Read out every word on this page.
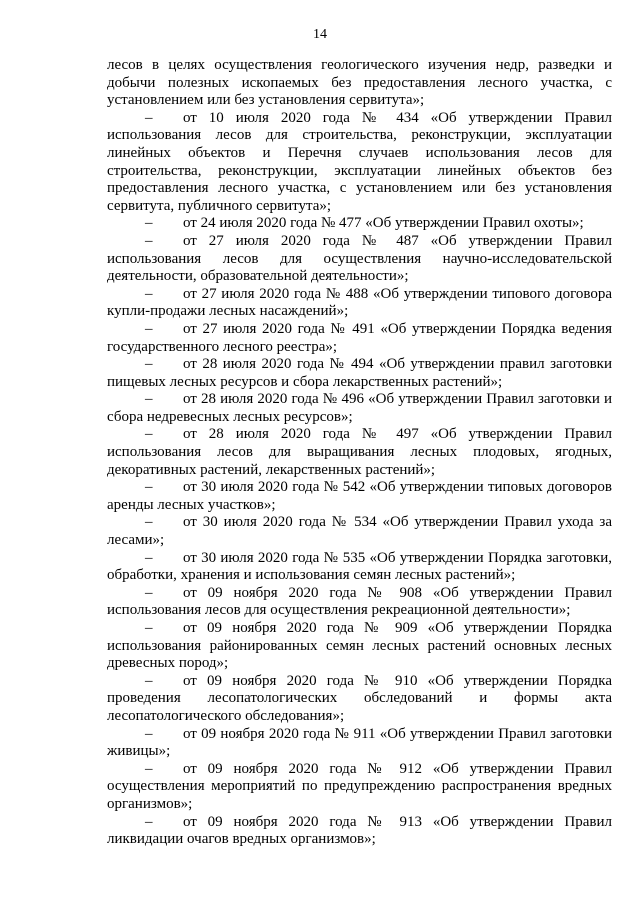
14

лесов в целях осуществления геологического изучения недр, разведки и добычи полезных ископаемых без предоставления лесного участка, с установлением или без установления сервитута»;

– от 10 июля 2020 года № 434 «Об утверждении Правил использования лесов для строительства, реконструкции, эксплуатации линейных объектов и Перечня случаев использования лесов для строительства, реконструкции, эксплуатации линейных объектов без предоставления лесного участка, с установлением или без установления сервитута, публичного сервитута»;

– от 24 июля 2020 года № 477 «Об утверждении Правил охоты»;

– от 27 июля 2020 года № 487 «Об утверждении Правил использования лесов для осуществления научно-исследовательской деятельности, образовательной деятельности»;

– от 27 июля 2020 года № 488 «Об утверждении типового договора купли-продажи лесных насаждений»;

– от 27 июля 2020 года № 491 «Об утверждении Порядка ведения государственного лесного реестра»;

– от 28 июля 2020 года № 494 «Об утверждении правил заготовки пищевых лесных ресурсов и сбора лекарственных растений»;

– от 28 июля 2020 года № 496 «Об утверждении Правил заготовки и сбора недревесных лесных ресурсов»;

– от 28 июля 2020 года № 497 «Об утверждении Правил использования лесов для выращивания лесных плодовых, ягодных, декоративных растений, лекарственных растений»;

– от 30 июля 2020 года № 542 «Об утверждении типовых договоров аренды лесных участков»;

– от 30 июля 2020 года № 534 «Об утверждении Правил ухода за лесами»;

– от 30 июля 2020 года № 535 «Об утверждении Порядка заготовки, обработки, хранения и использования семян лесных растений»;

– от 09 ноября 2020 года № 908 «Об утверждении Правил использования лесов для осуществления рекреационной деятельности»;

– от 09 ноября 2020 года № 909 «Об утверждении Порядка использования районированных семян лесных растений основных лесных древесных пород»;

– от 09 ноября 2020 года № 910 «Об утверждении Порядка проведения лесопатологических обследований и формы акта лесопатологического обследования»;

– от 09 ноября 2020 года № 911 «Об утверждении Правил заготовки живицы»;

– от 09 ноября 2020 года № 912 «Об утверждении Правил осуществления мероприятий по предупреждению распространения вредных организмов»;

– от 09 ноября 2020 года № 913 «Об утверждении Правил ликвидации очагов вредных организмов»;
